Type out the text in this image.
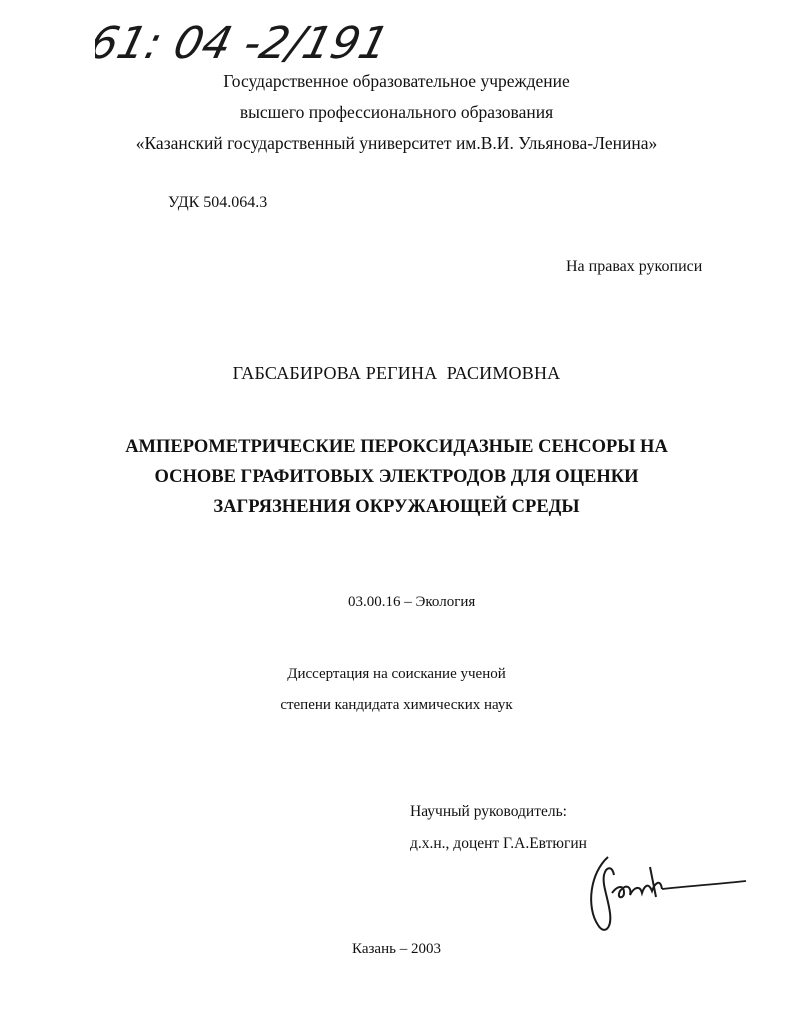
61: 04 -2/191
Государственное образовательное учреждение
высшего профессионального образования
«Казанский государственный университет им.В.И. Ульянова-Ленина»
УДК 504.064.3
На правах рукописи
ГАБСАБИРОВА РЕГИНА  РАСИМОВНА
АМПЕРОМЕТРИЧЕСКИЕ ПЕРОКСИДАЗНЫЕ СЕНСОРЫ НА
ОСНОВЕ ГРАФИТОВЫХ ЭЛЕКТРОДОВ ДЛЯ ОЦЕНКИ
ЗАГРЯЗНЕНИЯ ОКРУЖАЮЩЕЙ СРЕДЫ
03.00.16 – Экология
Диссертация на соискание ученой
степени кандидата химических наук
Научный руководитель:
д.х.н., доцент Г.А.Евтюгин
Казань – 2003
